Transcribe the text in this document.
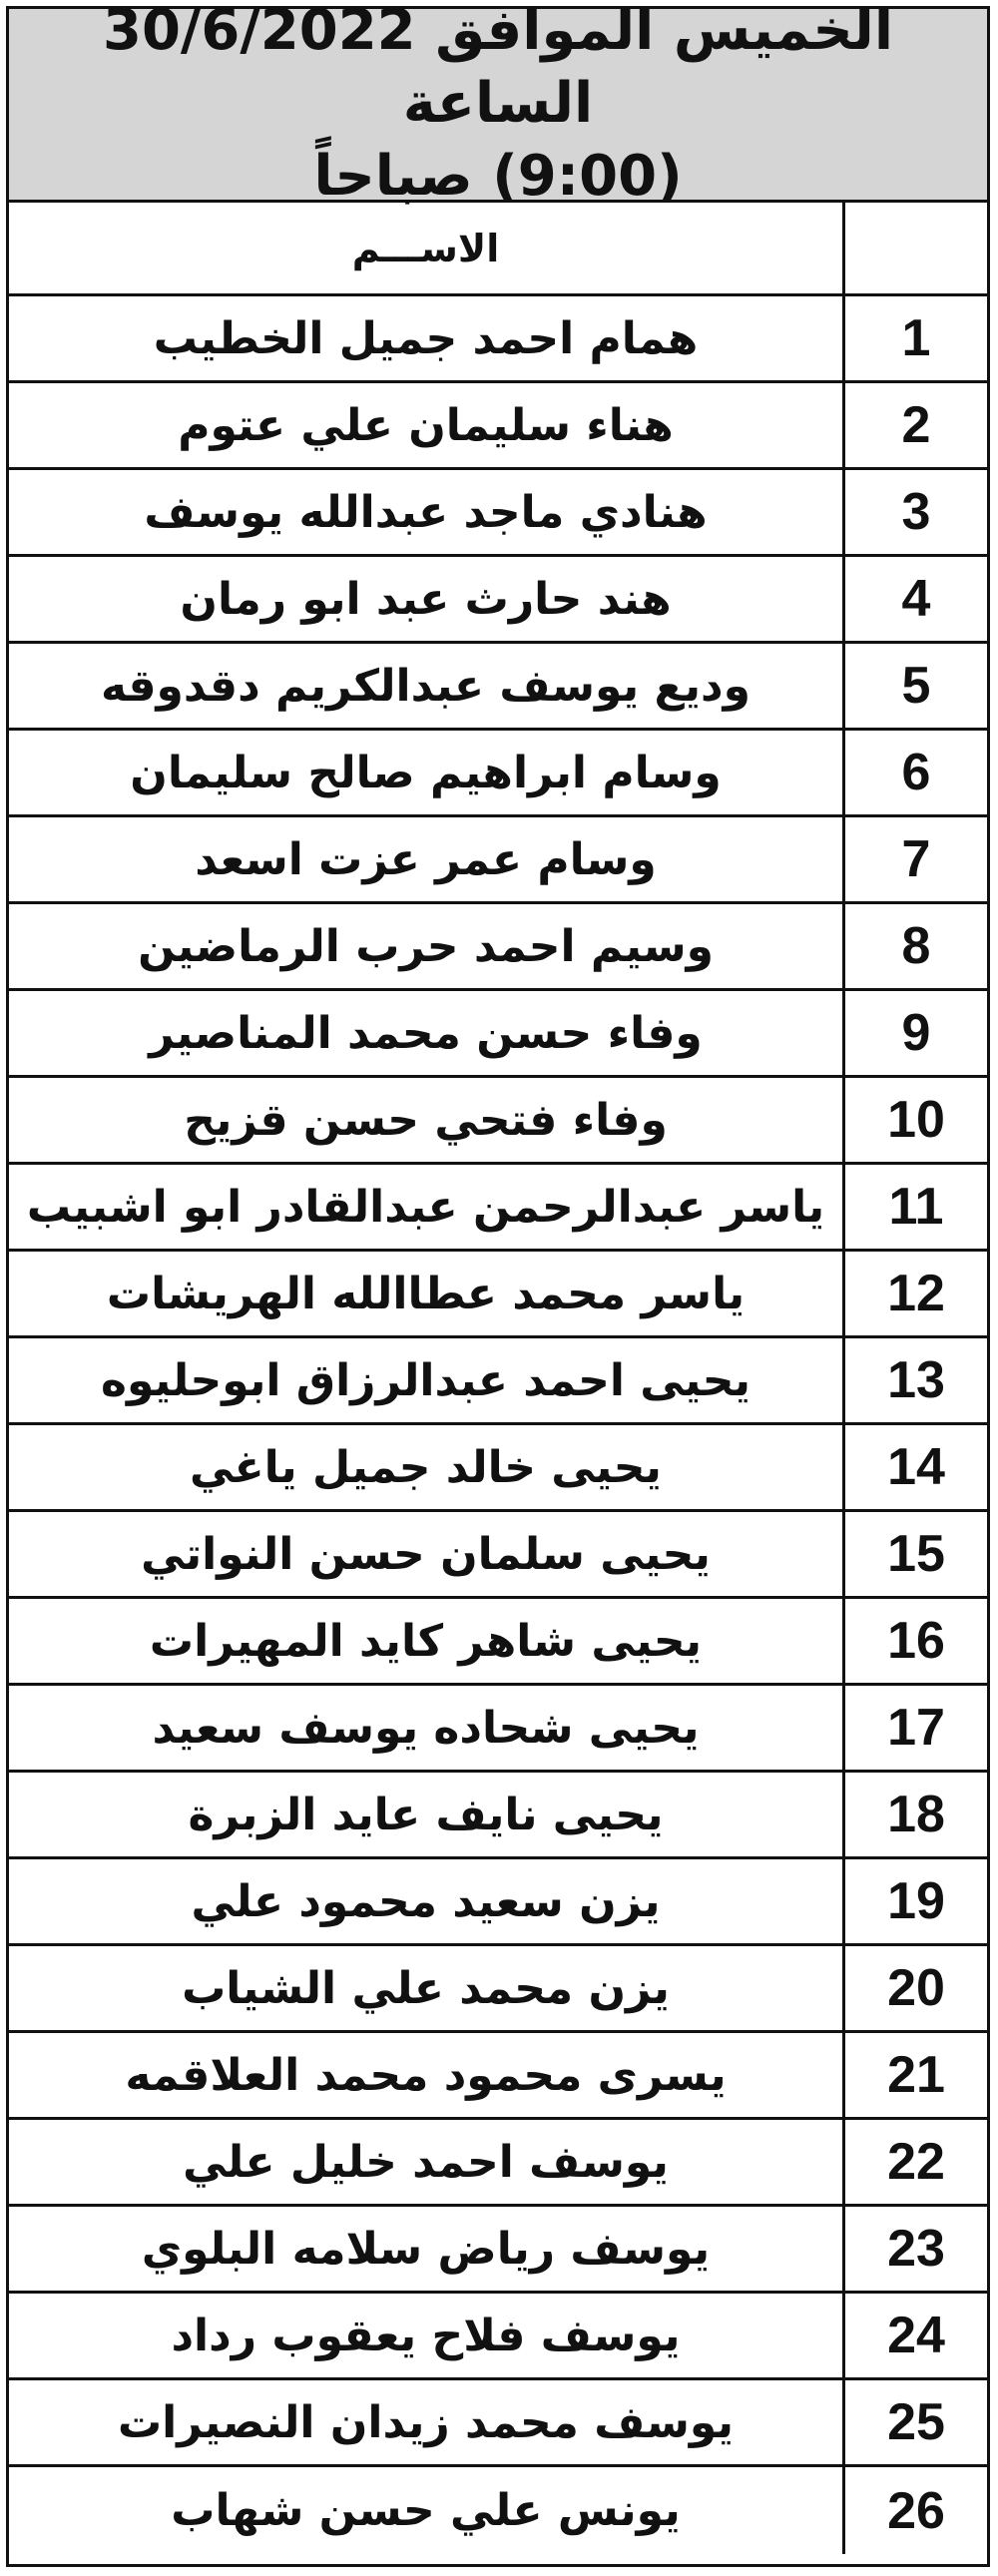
الخميس الموافق 30/6/2022 الساعة
(9:00) صباحاً
الاســـم
1
همام احمد جميل الخطيب
2
هناء سليمان علي عتوم
3
هنادي ماجد عبدالله يوسف
4
هند حارث عبد ابو رمان
5
وديع يوسف عبدالكريم دقدوقه
6
وسام ابراهيم صالح سليمان
7
وسام عمر عزت اسعد
8
وسيم احمد حرب الرماضين
9
وفاء حسن محمد المناصير
10
وفاء فتحي حسن قزيح
11
ياسر عبدالرحمن عبدالقادر ابو اشبيب
12
ياسر محمد عطاالله الهريشات
13
يحيى احمد عبدالرزاق ابوحليوه
14
يحيى خالد جميل ياغي
15
يحيى سلمان حسن النواتي
16
يحيى شاهر كايد المهيرات
17
يحيى شحاده يوسف سعيد
18
يحيى نايف عايد الزبرة
19
يزن سعيد محمود علي
20
يزن محمد علي الشياب
21
يسرى محمود محمد العلاقمه
22
يوسف احمد خليل علي
23
يوسف رياض سلامه البلوي
24
يوسف فلاح يعقوب رداد
25
يوسف محمد زيدان النصيرات
26
يونس علي حسن شهاب
